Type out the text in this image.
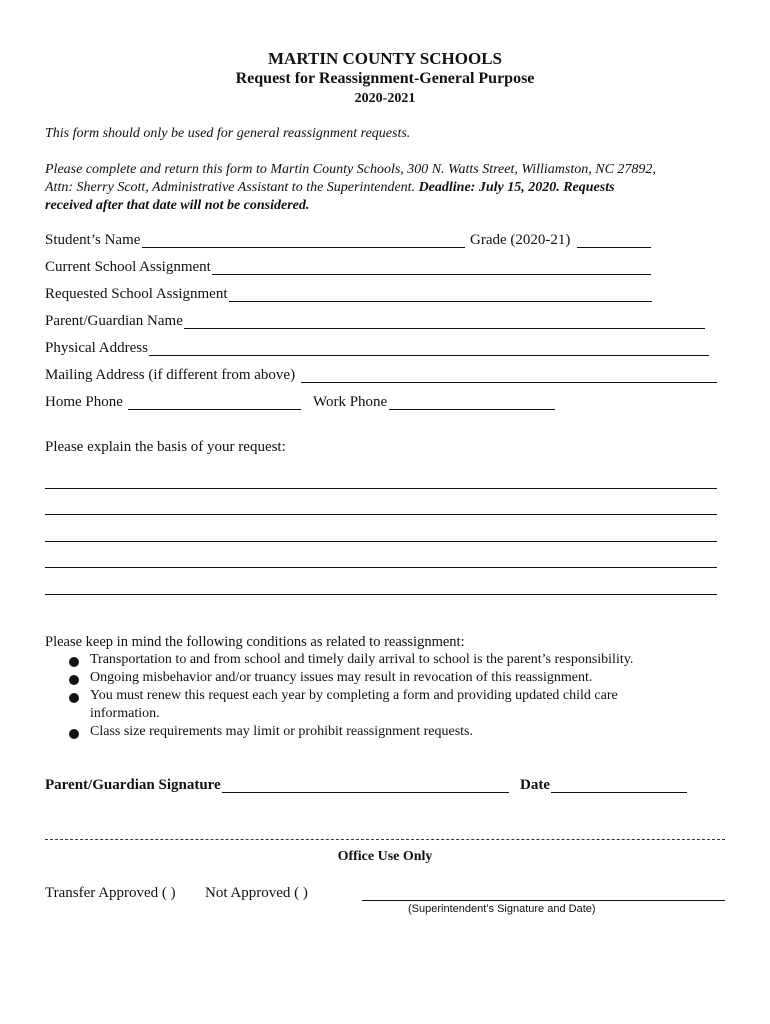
MARTIN COUNTY SCHOOLS
Request for Reassignment-General Purpose
2020-2021
This form should only be used for general reassignment requests.
Please complete and return this form to Martin County Schools, 300 N. Watts Street, Williamston, NC 27892,
Attn: Sherry Scott, Administrative Assistant to the Superintendent. Deadline: July 15, 2020. Requests
received after that date will not be considered.
Student’s Name	Grade (2020-21)
Current School Assignment
Requested School Assignment
Parent/Guardian Name
Physical Address
Mailing Address (if different from above)
Home Phone	Work Phone
Please explain the basis of your request:
Please keep in mind the following conditions as related to reassignment:
Transportation to and from school and timely daily arrival to school is the parent’s responsibility.
Ongoing misbehavior and/or truancy issues may result in revocation of this reassignment.
You must renew this request each year by completing a form and providing updated child care
information.
Class size requirements may limit or prohibit reassignment requests.
Parent/Guardian Signature	Date
Office Use Only
Transfer Approved ( ) Not Approved ( )
(Superintendent’s Signature and Date)
